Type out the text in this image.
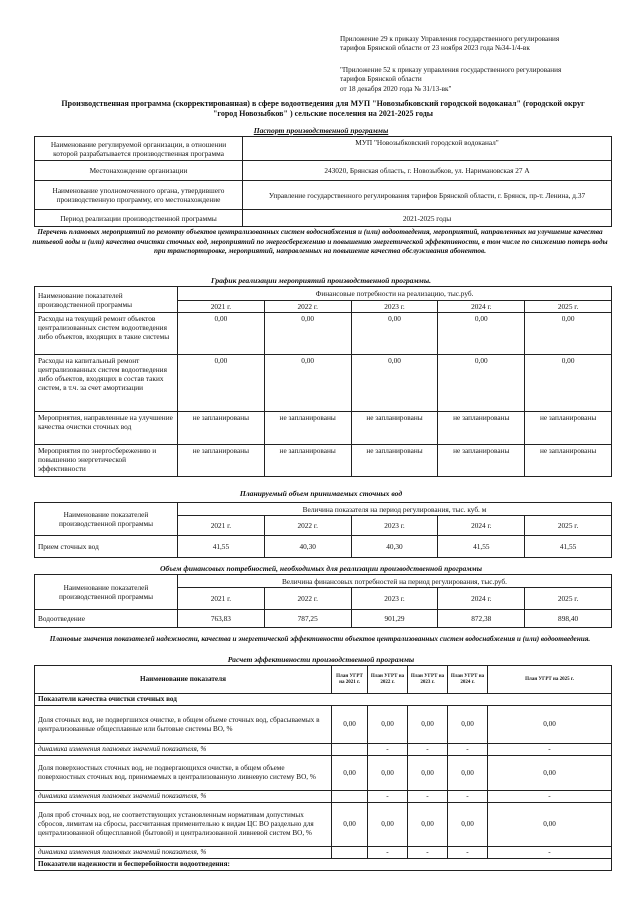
Приложение 29 к приказу Управления государственного регулирования
тарифов Брянской области от 23 ноября 2023 года №34-1/4-вк
"Приложение 52 к приказу управления государственного регулирования
тарифов Брянской области
от 18 декабря 2020 года № 31/13-вк"
Производственная программа (скорректированная) в сфере водоотведения для МУП "Новозыбковский городской водоканал" (городской округ
"город Новозыбков" ) сельские поселения на 2021-2025 годы
Паспорт производственной программы
Наименование регулируемой организации, в отношении которой разрабатывается производственная программа	МУП "Новозыбковский городской водоканал"
Местонахождение организации	243020, Брянская область, г. Новозыбков, ул. Наримановская 27 А
Наименование уполномоченного органа, утвердившего производственную программу, его местонахождение	Управление государственного регулирования тарифов Брянской области, г. Брянск, пр-т. Ленина, д.37
Период реализации производственной программы	2021-2025 годы
Перечень плановых мероприятий по ремонту объектов централизованных систем водоснабжения и (или) водоотведения, мероприятий, направленных на улучшение качества питьевой воды и (или) качества очистки сточных вод, мероприятий по энергосбережению и повышению энергетической эффективности, в том числе по снижению потерь воды при транспортировке, мероприятий, направленных на повышение качества обслуживания абонентов.
График реализации мероприятий производственной программы.
Наименование показателей производственной программы	Финансовые потребности на реализацию, тыс.руб.				
	2021 г.	2022 г.	2023 г.	2024 г.	2025 г.
Расходы на текущий ремонт объектов централизованных систем водоотведения либо объектов, входящих в такие системы	0,00	0,00	0,00	0,00	0,00
Расходы на капитальный ремонт централизованных систем водоотведения либо объектов, входящих в состав таких систем, в т.ч. за счет амортизации	0,00	0,00	0,00	0,00	0,00
Мероприятия, направленные на улучшение качества очистки сточных вод	не запланированы	не запланированы	не запланированы	не запланированы	не запланированы
Мероприятия по энергосбережению и повышению энергетической эффективности	не запланированы	не запланированы	не запланированы	не запланированы	не запланированы
Планируемый объем принимаемых сточных вод
Наименование показателей производственной программы	Величина показателя на период регулирования, тыс. куб. м				
	2021 г.	2022 г.	2023 г.	2024 г.	2025 г.
Прием сточных вод	41,55	40,30	40,30	41,55	41,55
Объем финансовых потребностей, необходимых для реализации производственной программы
Наименование показателей производственной программы	Величина финансовых потребностей на период регулирования, тыс.руб.				
	2021 г.	2022 г.	2023 г.	2024 г.	2025 г.
Водоотведение	763,83	787,25	901,29	872,38	898,40
Плановые значения показателей надежности, качества и энергетической эффективности объектов централизованных систем водоснабжения и (или) водоотведения.
Расчет эффективности производственной программы
Наименование показателя	План УГРТ на 2021 г.	План УГРТ на 2022 г.	План УГРТ на 2023 г.	План УГРТ на 2024 г.	План УГРТ на 2025 г.
Показатели качества очистки сточных вод					
Доля сточных вод, не подвергшихся очистке, в общем объеме сточных вод, сбрасываемых в централизованные общесплавные или бытовые системы ВО, %	0,00	0,00	0,00	0,00	0,00
динамика изменения плановых значений показателя, %		-	-	-	-
Доля поверхностных сточных вод, не подвергающихся очистке, в общем объеме поверхностных сточных вод, принимаемых в централизованную ливневую систему ВО, %	0,00	0,00	0,00	0,00	0,00
динамика изменения плановых значений показателя, %		-	-	-	-
Доля проб сточных вод, не соответствующих установленным нормативам допустимых сбросов, лимитам на сбросы, рассчитанная применительно к видам ЦС ВО раздельно для централизованной общесплавной (бытовой) и централизованной ливневой систем ВО, %	0,00	0,00	0,00	0,00	0,00
динамика изменения плановых значений показателя, %		-	-	-	-
Показатели надежности и бесперебойности водоотведения:					
